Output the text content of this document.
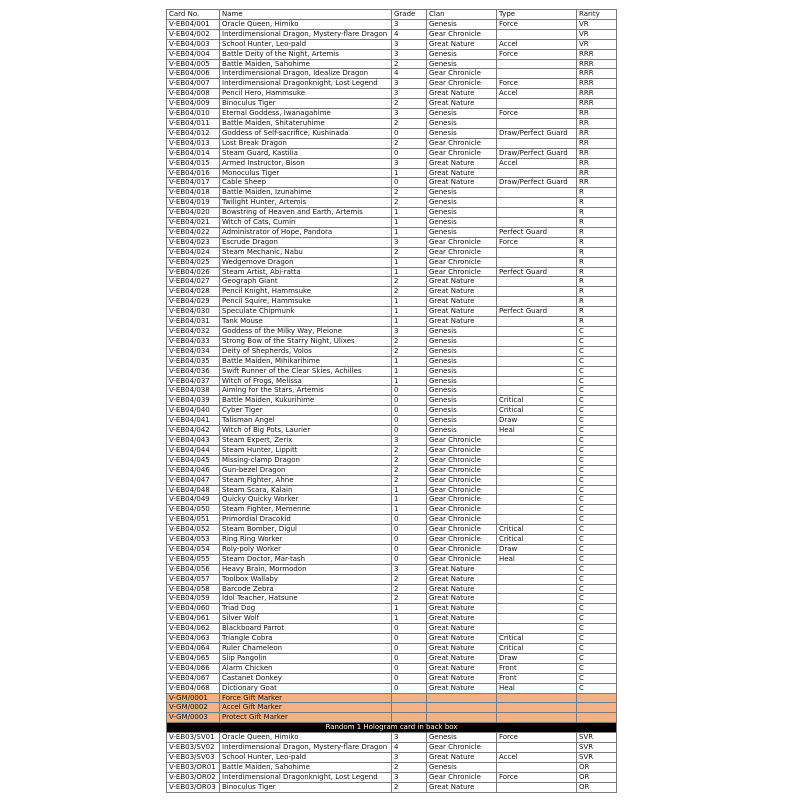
Card No.	Name	Grade	Clan	Type	Rarity
V-EB04/001	Oracle Queen, Himiko	3	Genesis	Force	VR
V-EB04/002	Interdimensional Dragon, Mystery-flare Dragon	4	Gear Chronicle		VR
V-EB04/003	School Hunter, Leo-pald	3	Great Nature	Accel	VR
V-EB04/004	Battle Deity of the Night, Artemis	3	Genesis	Force	RRR
V-EB04/005	Battle Maiden, Sahohime	2	Genesis		RRR
V-EB04/006	Interdimensional Dragon, Idealize Dragon	4	Gear Chronicle		RRR
V-EB04/007	Interdimensional Dragonknight, Lost Legend	3	Gear Chronicle	Force	RRR
V-EB04/008	Pencil Hero, Hammsuke	3	Great Nature	Accel	RRR
V-EB04/009	Binoculus Tiger	2	Great Nature		RRR
V-EB04/010	Eternal Goddess, Iwanagahime	3	Genesis	Force	RR
V-EB04/011	Battle Maiden, Shitateruhime	2	Genesis		RR
V-EB04/012	Goddess of Self-sacrifice, Kushinada	0	Genesis	Draw/Perfect Guard	RR
V-EB04/013	Lost Break Dragon	2	Gear Chronicle		RR
V-EB04/014	Steam Guard, Kastilia	0	Gear Chronicle	Draw/Perfect Guard	RR
V-EB04/015	Armed Instructor, Bison	3	Great Nature	Accel	RR
V-EB04/016	Monoculus Tiger	1	Great Nature		RR
V-EB04/017	Cable Sheep	0	Great Nature	Draw/Perfect Guard	RR
V-EB04/018	Battle Maiden, Izunahime	2	Genesis		R
V-EB04/019	Twilight Hunter, Artemis	2	Genesis		R
V-EB04/020	Bowstring of Heaven and Earth, Artemis	1	Genesis		R
V-EB04/021	Witch of Cats, Cumin	1	Genesis		R
V-EB04/022	Administrator of Hope, Pandora	1	Genesis	Perfect Guard	R
V-EB04/023	Escrude Dragon	3	Gear Chronicle	Force	R
V-EB04/024	Steam Mechanic, Nabu	2	Gear Chronicle		R
V-EB04/025	Wedgemove Dragon	1	Gear Chronicle		R
V-EB04/026	Steam Artist, Abi-ratta	1	Gear Chronicle	Perfect Guard	R
V-EB04/027	Geograph Giant	2	Great Nature		R
V-EB04/028	Pencil Knight, Hammsuke	2	Great Nature		R
V-EB04/029	Pencil Squire, Hammsuke	1	Great Nature		R
V-EB04/030	Speculate Chipmunk	1	Great Nature	Perfect Guard	R
V-EB04/031	Tank Mouse	1	Great Nature		R
V-EB04/032	Goddess of the Milky Way, Pleione	3	Genesis		C
V-EB04/033	Strong Bow of the Starry Night, Ulixes	2	Genesis		C
V-EB04/034	Deity of Shepherds, Volos	2	Genesis		C
V-EB04/035	Battle Maiden, Mihikarihime	1	Genesis		C
V-EB04/036	Swift Runner of the Clear Skies, Achilles	1	Genesis		C
V-EB04/037	Witch of Frogs, Melissa	1	Genesis		C
V-EB04/038	Aiming for the Stars, Artemis	0	Genesis		C
V-EB04/039	Battle Maiden, Kukurihime	0	Genesis	Critical	C
V-EB04/040	Cyber Tiger	0	Genesis	Critical	C
V-EB04/041	Talisman Angel	0	Genesis	Draw	C
V-EB04/042	Witch of Big Pots, Laurier	0	Genesis	Heal	C
V-EB04/043	Steam Expert, Zerix	3	Gear Chronicle		C
V-EB04/044	Steam Hunter, Lippitt	2	Gear Chronicle		C
V-EB04/045	Missing-clamp Dragon	2	Gear Chronicle		C
V-EB04/046	Gun-bezel Dragon	2	Gear Chronicle		C
V-EB04/047	Steam Fighter, Ahne	2	Gear Chronicle		C
V-EB04/048	Steam Scara, Kalain	1	Gear Chronicle		C
V-EB04/049	Quicky Quicky Worker	1	Gear Chronicle		C
V-EB04/050	Steam Fighter, Memenne	1	Gear Chronicle		C
V-EB04/051	Primordial Dracokid	0	Gear Chronicle		C
V-EB04/052	Steam Bomber, Digul	0	Gear Chronicle	Critical	C
V-EB04/053	Ring Ring Worker	0	Gear Chronicle	Critical	C
V-EB04/054	Roly-poly Worker	0	Gear Chronicle	Draw	C
V-EB04/055	Steam Doctor, Mar-tash	0	Gear Chronicle	Heal	C
V-EB04/056	Heavy Brain, Mormodon	3	Great Nature		C
V-EB04/057	Toolbox Wallaby	2	Great Nature		C
V-EB04/058	Barcode Zebra	2	Great Nature		C
V-EB04/059	Idol Teacher, Hatsune	2	Great Nature		C
V-EB04/060	Triad Dog	1	Great Nature		C
V-EB04/061	Silver Wolf	1	Great Nature		C
V-EB04/062	Blackboard Parrot	0	Great Nature		C
V-EB04/063	Triangle Cobra	0	Great Nature	Critical	C
V-EB04/064	Ruler Chameleon	0	Great Nature	Critical	C
V-EB04/065	Slip Pangolin	0	Great Nature	Draw	C
V-EB04/066	Alarm Chicken	0	Great Nature	Front	C
V-EB04/067	Castanet Donkey	0	Great Nature	Front	C
V-EB04/068	Dictionary Goat	0	Great Nature	Heal	C
V-GM/0001	Force Gift Marker				
V-GM/0002	Accel Gift Marker				
V-GM/0003	Protect Gift Marker				
Random 1 Hologram card in back box					
V-EB03/SV01	Oracle Queen, Himiko	3	Genesis	Force	SVR
V-EB03/SV02	Interdimensional Dragon, Mystery-flare Dragon	4	Gear Chronicle		SVR
V-EB03/SV03	School Hunter, Leo-pald	3	Great Nature	Accel	SVR
V-EB03/OR01	Battle Maiden, Sahohime	2	Genesis		OR
V-EB03/OR02	Interdimensional Dragonknight, Lost Legend	3	Gear Chronicle	Force	OR
V-EB03/OR03	Binoculus Tiger	2	Great Nature		OR
